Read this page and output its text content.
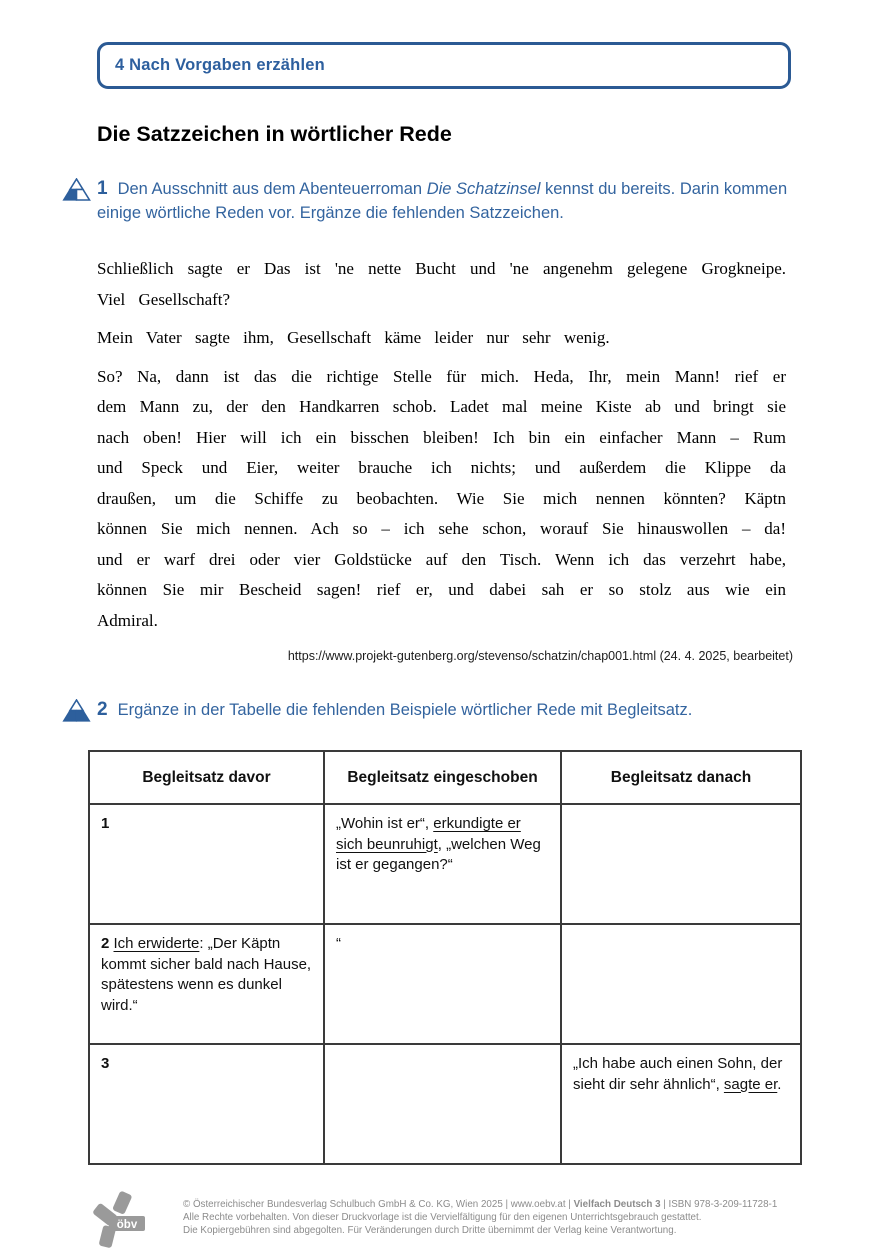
4 Nach Vorgaben erzählen
Die Satzzeichen in wörtlicher Rede
1 Den Ausschnitt aus dem Abenteuerroman Die Schatzinsel kennst du bereits. Darin kommen einige wörtliche Reden vor. Ergänze die fehlenden Satzzeichen.

Schließlich sagte er Das ist 'ne nette Bucht und 'ne angenehm gelegene Grogkneipe. Viel Gesellschaft?

Mein Vater sagte ihm, Gesellschaft käme leider nur sehr wenig.

So? Na, dann ist das die richtige Stelle für mich. Heda, Ihr, mein Mann! rief er dem Mann zu, der den Handkarren schob. Ladet mal meine Kiste ab und bringt sie nach oben! Hier will ich ein bisschen bleiben! Ich bin ein einfacher Mann – Rum und Speck und Eier, weiter brauche ich nichts; und außerdem die Klippe da draußen, um die Schiffe zu beobachten. Wie Sie mich nennen könnten? Käptn können Sie mich nennen. Ach so – ich sehe schon, worauf Sie hinauswollen – da! und er warf drei oder vier Goldstücke auf den Tisch. Wenn ich das verzehrt habe, können Sie mir Bescheid sagen! rief er, und dabei sah er so stolz aus wie ein Admiral.

https://www.projekt-gutenberg.org/stevenso/schatzin/chap001.html (24. 4. 2025, bearbeitet)
2 Ergänze in der Tabelle die fehlenden Beispiele wörtlicher Rede mit Begleitsatz.
Begleitsatz davor	Begleitsatz eingeschoben	Begleitsatz danach
1	„Wohin ist er“, erkundigte er sich beunruhigt, „welchen Weg ist er gegangen?“	
2 Ich erwiderte: „Der Käptn kommt sicher bald nach Hause, spätestens wenn es dunkel wird.“	“	
3		„Ich habe auch einen Sohn, der sieht dir sehr ähnlich“, sagte er.
öbv
© Österreichischer Bundesverlag Schulbuch GmbH & Co. KG, Wien 2025 | www.oebv.at | Vielfach Deutsch 3 | ISBN 978-3-209-11728-1
Alle Rechte vorbehalten. Von dieser Druckvorlage ist die Vervielfältigung für den eigenen Unterrichtsgebrauch gestattet.
Die Kopiergebühren sind abgegolten. Für Veränderungen durch Dritte übernimmt der Verlag keine Verantwortung.
